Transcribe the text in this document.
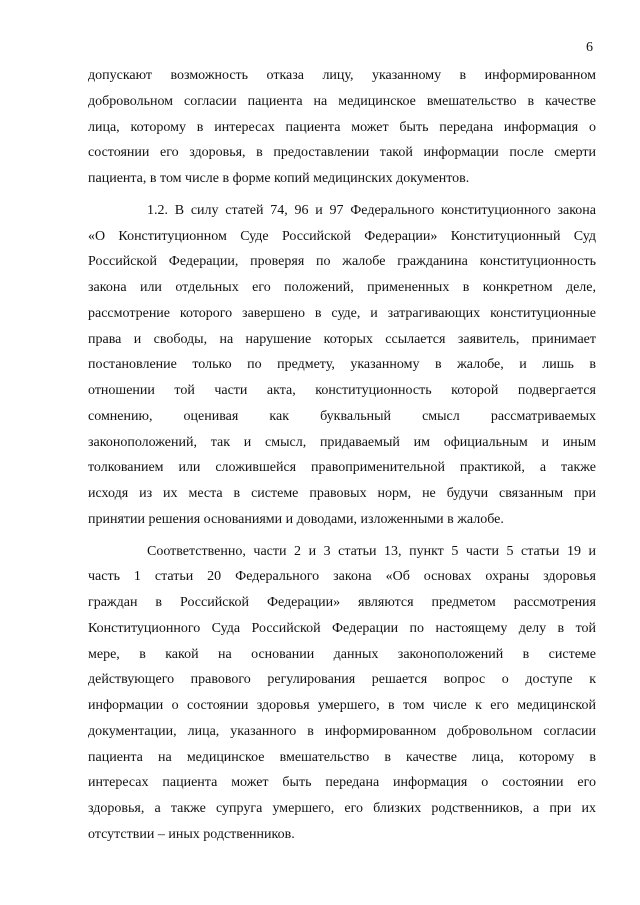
6
допускают возможность отказа лицу, указанному в информированном
добровольном согласии пациента на медицинское вмешательство в качестве
лица, которому в интересах пациента может быть передана информация о
состоянии его здоровья, в предоставлении такой информации после смерти
пациента, в том числе в форме копий медицинских документов.
1.2. В силу статей 74, 96 и 97 Федерального конституционного закона
«О Конституционном Суде Российской Федерации» Конституционный Суд
Российской Федерации, проверяя по жалобе гражданина конституционность
закона или отдельных его положений, примененных в конкретном деле,
рассмотрение которого завершено в суде, и затрагивающих конституционные
права и свободы, на нарушение которых ссылается заявитель, принимает
постановление только по предмету, указанному в жалобе, и лишь в
отношении той части акта, конституционность которой подвергается
сомнению, оценивая как буквальный смысл рассматриваемых
законоположений, так и смысл, придаваемый им официальным и иным
толкованием или сложившейся правоприменительной практикой, а также
исходя из их места в системе правовых норм, не будучи связанным при
принятии решения основаниями и доводами, изложенными в жалобе.
Соответственно, части 2 и 3 статьи 13, пункт 5 части 5 статьи 19 и
часть 1 статьи 20 Федерального закона «Об основах охраны здоровья
граждан в Российской Федерации» являются предметом рассмотрения
Конституционного Суда Российской Федерации по настоящему делу в той
мере, в какой на основании данных законоположений в системе
действующего правового регулирования решается вопрос о доступе к
информации о состоянии здоровья умершего, в том числе к его медицинской
документации, лица, указанного в информированном добровольном согласии
пациента на медицинское вмешательство в качестве лица, которому в
интересах пациента может быть передана информация о состоянии его
здоровья, а также супруга умершего, его близких родственников, а при их
отсутствии – иных родственников.
